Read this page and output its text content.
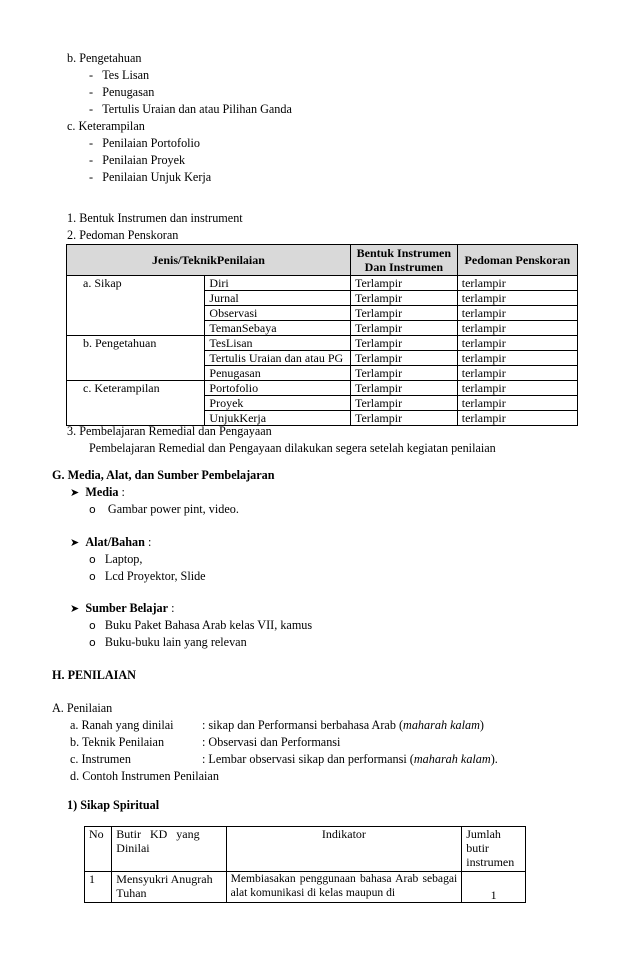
b. Pengetahuan
-   Tes Lisan
-   Penugasan
-   Tertulis Uraian dan atau Pilihan Ganda
c. Keterampilan
-   Penilaian Portofolio
-   Penilaian Proyek
-   Penilaian Unjuk Kerja
1. Bentuk Instrumen dan instrument
2. Pedoman Penskoran
Jenis/TeknikPenilaian		Bentuk Instrumen Dan Instrumen	Pedoman Penskoran
a. Sikap	Diri	Terlampir	terlampir
	Jurnal	Terlampir	terlampir
	Observasi	Terlampir	terlampir
	TemanSebaya	Terlampir	terlampir
b. Pengetahuan	TesLisan	Terlampir	terlampir
	Tertulis Uraian dan atau PG	Terlampir	terlampir
	Penugasan	Terlampir	terlampir
c. Keterampilan	Portofolio	Terlampir	terlampir
	Proyek	Terlampir	terlampir
	UnjukKerja	Terlampir	terlampir
3. Pembelajaran Remedial dan Pengayaan
Pembelajaran Remedial dan Pengayaan dilakukan segera setelah kegiatan penilaian
G. Media, Alat, dan Sumber Pembelajaran
➤ Media :
o Gambar power pint, video.
➤ Alat/Bahan :
o Laptop,
o Lcd Proyektor, Slide
➤ Sumber Belajar :
o Buku Paket Bahasa Arab kelas VII, kamus
o Buku-buku lain yang relevan
H. PENILAIAN
A. Penilaian
a. Ranah yang dinilai : sikap dan Performansi berbahasa Arab (maharah kalam)
b. Teknik Penilaian	: Observasi dan Performansi
c. Instrumen	: Lembar observasi sikap dan performansi (maharah kalam).
d. Contoh Instrumen Penilaian
1) Sikap Spiritual
No	Butir KD yang Dinilai	Indikator	Jumlah butir instrumen
1	Mensyukri Anugrah Tuhan	Membiasakan penggunaan bahasa Arab sebagai alat komunikasi di kelas maupun di	1
